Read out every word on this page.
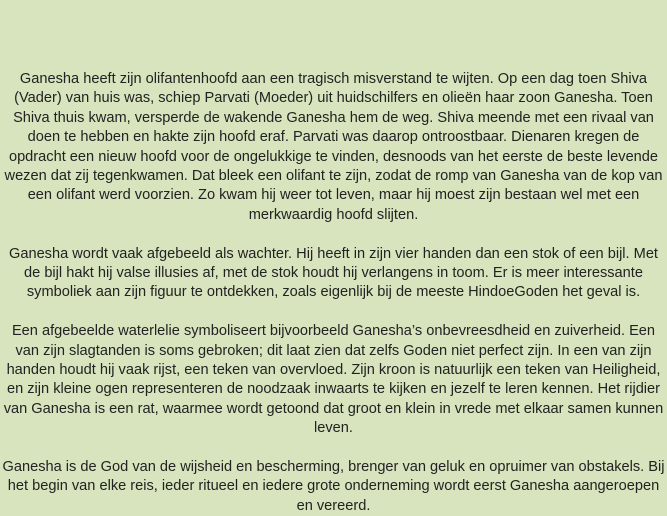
Ganesha heeft zijn olifantenhoofd aan een tragisch misverstand te wijten. Op een dag toen Shiva (Vader) van huis was, schiep Parvati (Moeder) uit huidschilfers en olieën haar zoon Ganesha. Toen Shiva thuis kwam, versperde de wakende Ganesha hem de weg. Shiva meende met een rivaal van doen te hebben en hakte zijn hoofd eraf. Parvati was daarop ontroostbaar. Dienaren kregen de opdracht een nieuw hoofd voor de ongelukkige te vinden, desnoods van het eerste de beste levende wezen dat zij tegenkwamen. Dat bleek een olifant te zijn, zodat de romp van Ganesha van de kop van een olifant werd voorzien. Zo kwam hij weer tot leven, maar hij moest zijn bestaan wel met een merkwaardig hoofd slijten.

Ganesha wordt vaak afgebeeld als wachter. Hij heeft in zijn vier handen dan een stok of een bijl. Met de bijl hakt hij valse illusies af, met de stok houdt hij verlangens in toom. Er is meer interessante symboliek aan zijn figuur te ontdekken, zoals eigenlijk bij de meeste HindoeGoden het geval is.

Een afgebeelde waterlelie symboliseert bijvoorbeeld Ganesha’s onbevreesdheid en zuiverheid. Een van zijn slagtanden is soms gebroken; dit laat zien dat zelfs Goden niet perfect zijn. In een van zijn handen houdt hij vaak rijst, een teken van overvloed. Zijn kroon is natuurlijk een teken van Heiligheid, en zijn kleine ogen representeren de noodzaak inwaarts te kijken en jezelf te leren kennen. Het rijdier van Ganesha is een rat, waarmee wordt getoond dat groot en klein in vrede met elkaar samen kunnen leven.

Ganesha is de God van de wijsheid en bescherming, brenger van geluk en opruimer van obstakels. Bij het begin van elke reis, ieder ritueel en iedere grote onderneming wordt eerst Ganesha aangeroepen en vereerd.
